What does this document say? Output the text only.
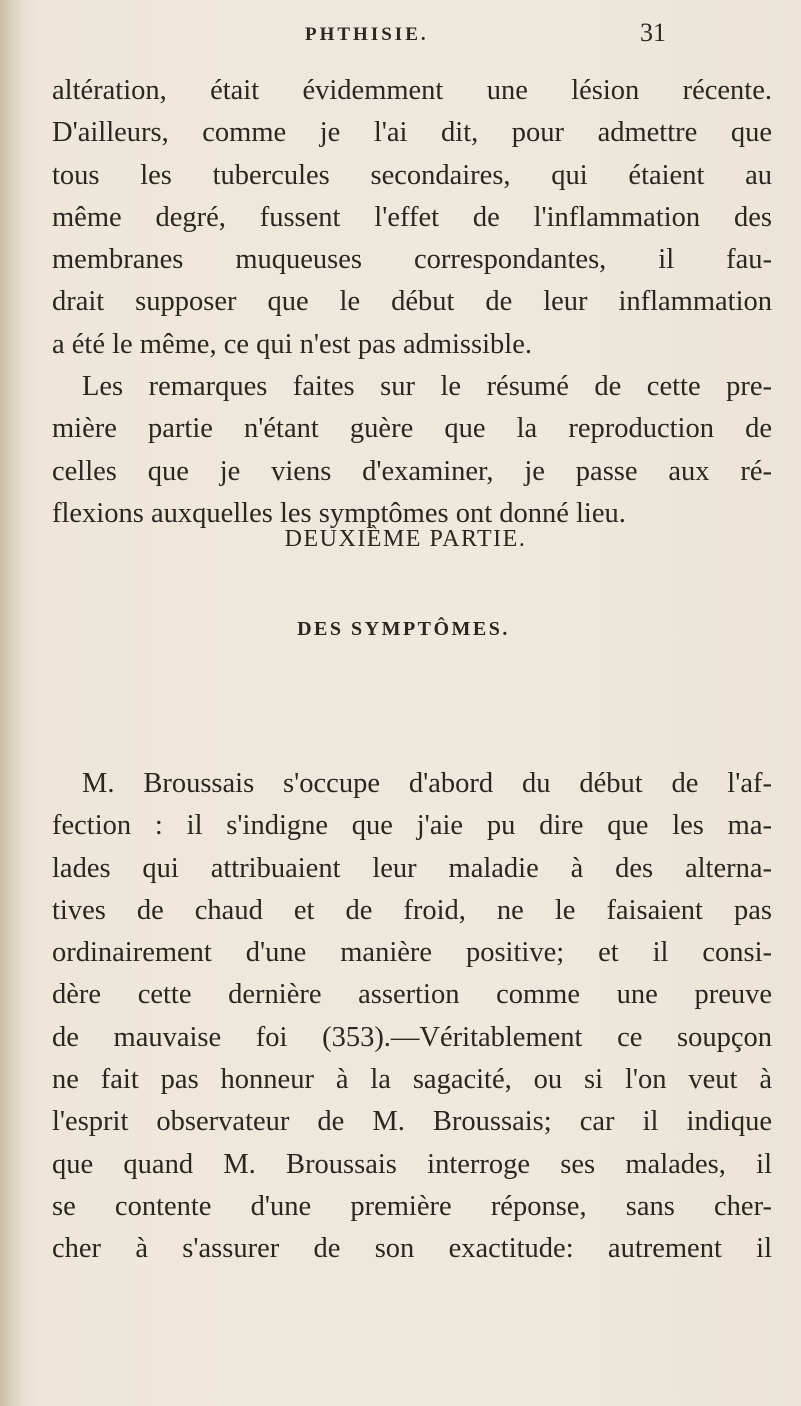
PHTHISIE.	31
altération, était évidemment une lésion récente.
D'ailleurs, comme je l'ai dit, pour admettre que
tous les tubercules secondaires, qui étaient au
même degré, fussent l'effet de l'inflammation des
membranes muqueuses correspondantes, il fau-
drait supposer que le début de leur inflammation
a été le même, ce qui n'est pas admissible.
Les remarques faites sur le résumé de cette pre-
mière partie n'étant guère que la reproduction de
celles que je viens d'examiner, je passe aux ré-
flexions auxquelles les symptômes ont donné lieu.
DEUXIÈME PARTIE.
DES SYMPTÔMES.
M. Broussais s'occupe d'abord du début de l'af-
fection : il s'indigne que j'aie pu dire que les ma-
lades qui attribuaient leur maladie à des alterna-
tives de chaud et de froid, ne le faisaient pas
ordinairement d'une manière positive; et il consi-
dère cette dernière assertion comme une preuve
de mauvaise foi (353).—Véritablement ce soupçon
ne fait pas honneur à la sagacité, ou si l'on veut à
l'esprit observateur de M. Broussais; car il indique
que quand M. Broussais interroge ses malades, il
se contente d'une première réponse, sans cher-
cher à s'assurer de son exactitude: autrement il
